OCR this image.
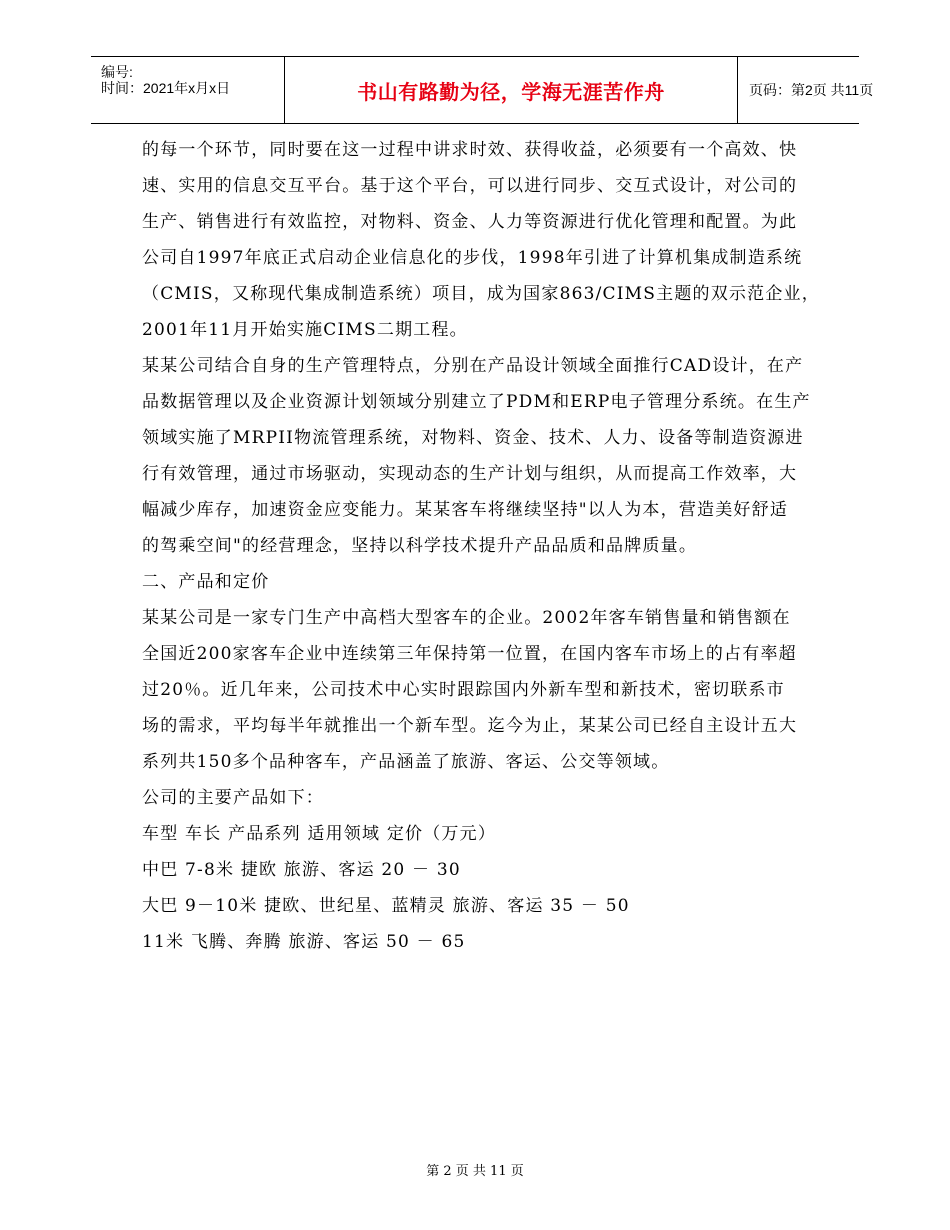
编号:
时间：2021年x月x日	书山有路勤为径，学海无涯苦作舟	页码：第2页 共11页

的每一个环节，同时要在这一过程中讲求时效、获得收益，必须要有一个高效、快

速、实用的信息交互平台。基于这个平台，可以进行同步、交互式设计，对公司的

生产、销售进行有效监控，对物料、资金、人力等资源进行优化管理和配置。为此

公司自1997年底正式启动企业信息化的步伐，1998年引进了计算机集成制造系统

（CMIS，又称现代集成制造系统）项目，成为国家863/CIMS主题的双示范企业，

2001年11月开始实施CIMS二期工程。

某某公司结合自身的生产管理特点，分别在产品设计领域全面推行CAD设计，在产

品数据管理以及企业资源计划领域分别建立了PDM和ERP电子管理分系统。在生产

领域实施了MRPII物流管理系统，对物料、资金、技术、人力、设备等制造资源进

行有效管理，通过市场驱动，实现动态的生产计划与组织，从而提高工作效率，大

幅减少库存，加速资金应变能力。某某客车将继续坚持"以人为本，营造美好舒适

的驾乘空间"的经营理念，坚持以科学技术提升产品品质和品牌质量。

二、产品和定价

某某公司是一家专门生产中高档大型客车的企业。2002年客车销售量和销售额在

全国近200家客车企业中连续第三年保持第一位置，在国内客车市场上的占有率超

过20％。近几年来，公司技术中心实时跟踪国内外新车型和新技术，密切联系市

场的需求，平均每半年就推出一个新车型。迄今为止，某某公司已经自主设计五大

系列共150多个品种客车，产品涵盖了旅游、客运、公交等领域。

公司的主要产品如下：

车型 车长 产品系列 适用领域 定价（万元）

中巴 7-8米 捷欧 旅游、客运 20 － 30

大巴 9－10米 捷欧、世纪星、蓝精灵 旅游、客运 35 － 50

11米 飞腾、奔腾 旅游、客运 50 － 65

第 2 页 共 11 页
